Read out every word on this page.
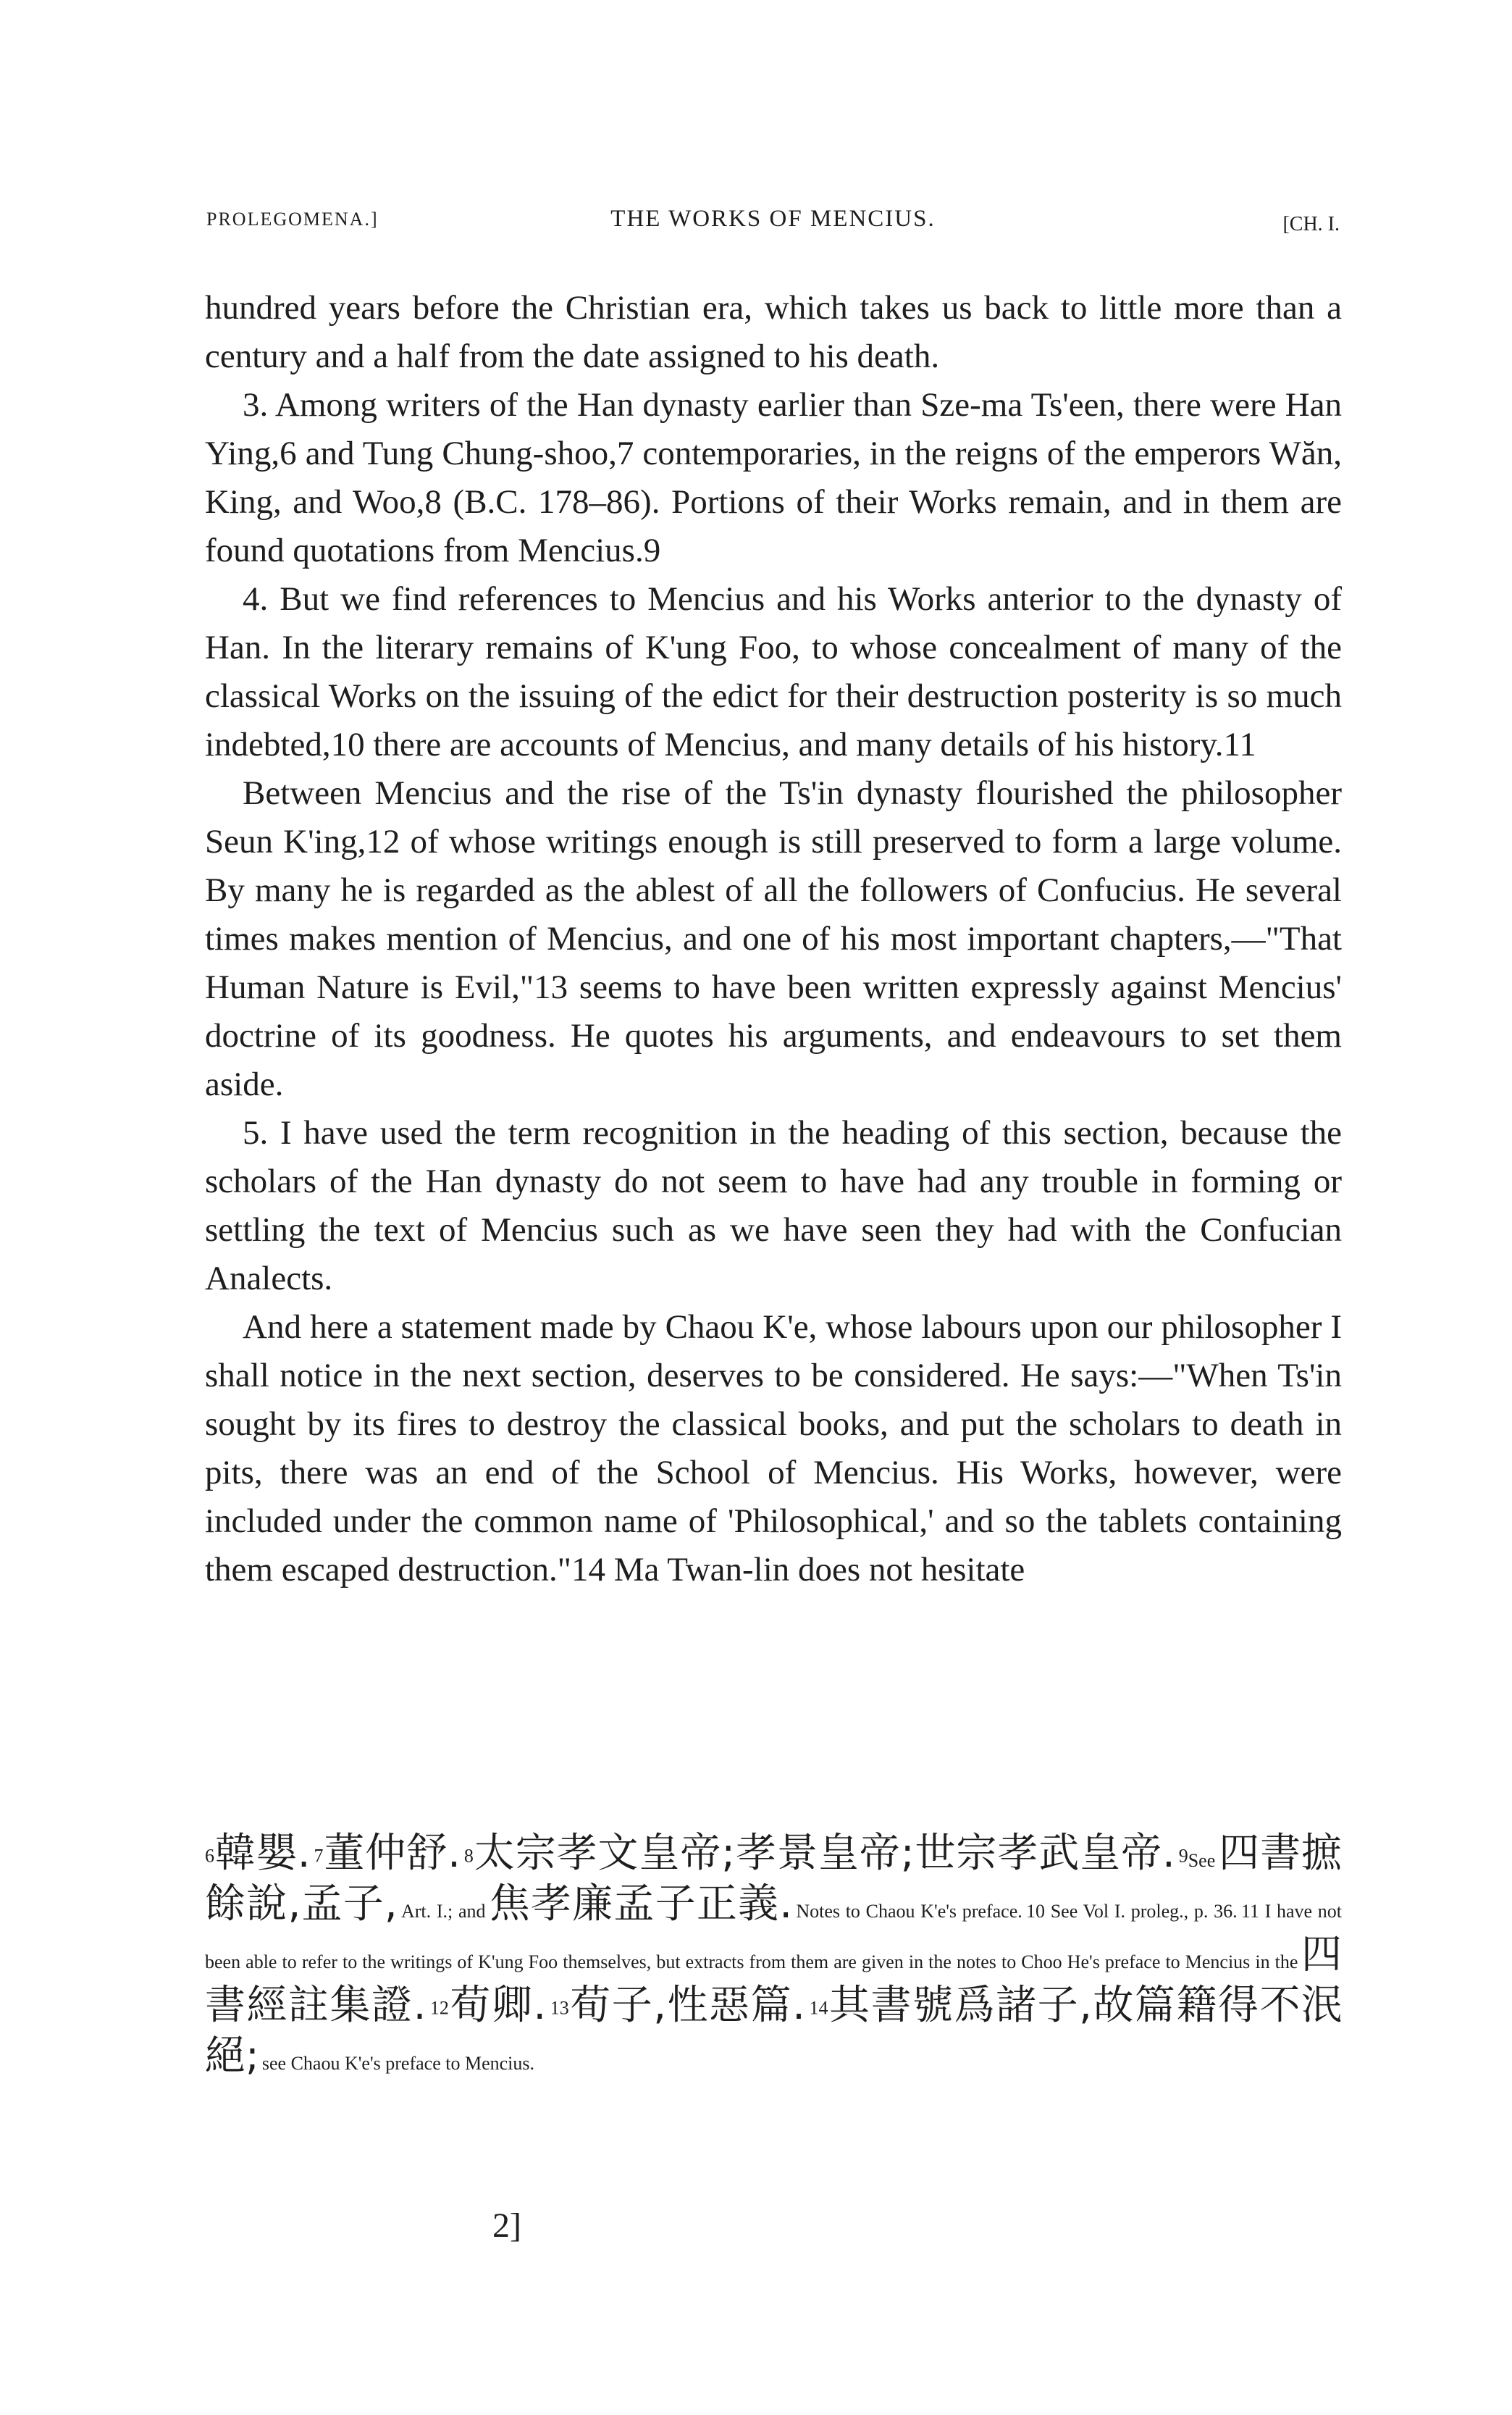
PROLEGOMENA.]	THE WORKS OF MENCIUS.	[CH. I.

hundred years before the Christian era, which takes us back to little more than a century and a half from the date assigned to his death.

3. Among writers of the Han dynasty earlier than Sze-ma Ts'een, there were Han Ying,6 and Tung Chung-shoo,7 contemporaries, in the reigns of the emperors Wăn, King, and Woo,8 (B.C. 178–86). Portions of their Works remain, and in them are found quotations from Mencius.9

4. But we find references to Mencius and his Works anterior to the dynasty of Han. In the literary remains of K'ung Foo, to whose concealment of many of the classical Works on the issuing of the edict for their destruction posterity is so much indebted,10 there are accounts of Mencius, and many details of his history.11

Between Mencius and the rise of the Ts'in dynasty flourished the philosopher Seun K'ing,12 of whose writings enough is still preserved to form a large volume. By many he is regarded as the ablest of all the followers of Confucius. He several times makes mention of Mencius, and one of his most important chapters,—"That Human Nature is Evil,"13 seems to have been written expressly against Mencius' doctrine of its goodness. He quotes his arguments, and endeavours to set them aside.

5. I have used the term recognition in the heading of this section, because the scholars of the Han dynasty do not seem to have had any trouble in forming or settling the text of Mencius such as we have seen they had with the Confucian Analects.

And here a statement made by Chaou K'e, whose labours upon our philosopher I shall notice in the next section, deserves to be considered. He says:—"When Ts'in sought by its fires to destroy the classical books, and put the scholars to death in pits, there was an end of the School of Mencius. His Works, however, were included under the common name of 'Philosophical,' and so the tablets containing them escaped destruction."14 Ma Twan-lin does not hesitate

6韓嬰. 7董仲舒. 8太宗孝文皇帝;孝景皇帝;世宗孝武皇帝. 9See 四書摭餘說,孟子, Art. I.; and 焦孝廉孟子正義. Notes to Chaou K'e's preface. 10 See Vol I. proleg., p. 36. 11 I have not been able to refer to the writings of K'ung Foo themselves, but extracts from them are given in the notes to Choo He's preface to Mencius in the 四書經註集證. 12荀卿. 13荀子,性惡篇. 14其書號爲諸子,故篇籍得不泯絕; see Chaou K'e's preface to Mencius.

2]
